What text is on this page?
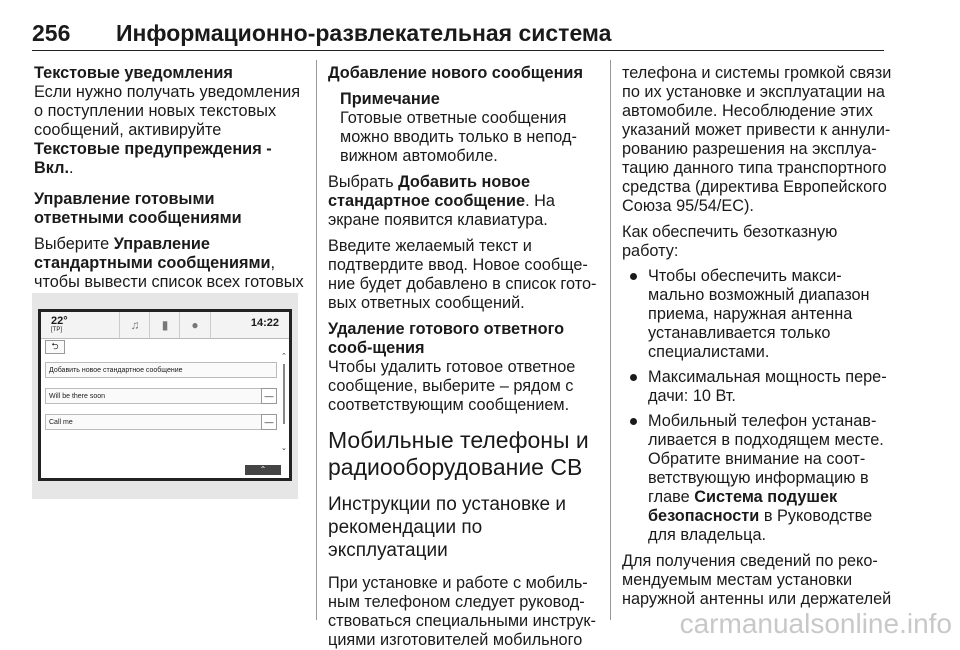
256 Информационно-развлекательная система

Текстовые уведомления

Если нужно получать уведомления о поступлении новых текстовых сообщений, активируйте
Текстовые предупреждения - Вкл..

Управление готовыми ответными сообщениями

Выберите Управление стандартными сообщениями, чтобы вывести список всех готовых

22°
[TP]	♫	▮	●	14:22
⮌
Добавить новое стандартное сообщение
Will be there soon	—
Call me	—
⌃
⌄
⌃

Добавление нового сообщения

Примечание

Готовые ответные сообщения можно вводить только в непод-вижном автомобиле.

Выбрать Добавить новое стандартное сообщение. На экране появится клавиатура.

Введите желаемый текст и подтвердите ввод. Новое сообще-ние будет добавлено в список гото-вых ответных сообщений.

Удаление готового ответного сооб-щения

Чтобы удалить готовое ответное сообщение, выберите – рядом с соответствующим сообщением.

Мобильные телефоны и радиооборудование CB

Инструкции по установке и рекомендации по эксплуатации

При установке и работе с мобиль-ным телефоном следует руковод-ствоваться специальными инструк-циями изготовителей мобильного

телефона и системы громкой связи по их установке и эксплуатации на автомобиле. Несоблюдение этих указаний может привести к аннули-рованию разрешения на эксплуа-тацию данного типа транспортного средства (директива Европейского Союза 95/54/EC).

Как обеспечить безотказную работу:

Чтобы обеспечить макси-мально возможный диапазон приема, наружная антенна устанавливается только специалистами.
Максимальная мощность пере-дачи: 10 Вт.
Мобильный телефон устанав-ливается в подходящем месте. Обратите внимание на соот-ветствующую информацию в главе Система подушек безопасности в Руководстве для владельца.

Для получения сведений по реко-мендуемым местам установки наружной антенны или держателей

carmanualsonline.info
